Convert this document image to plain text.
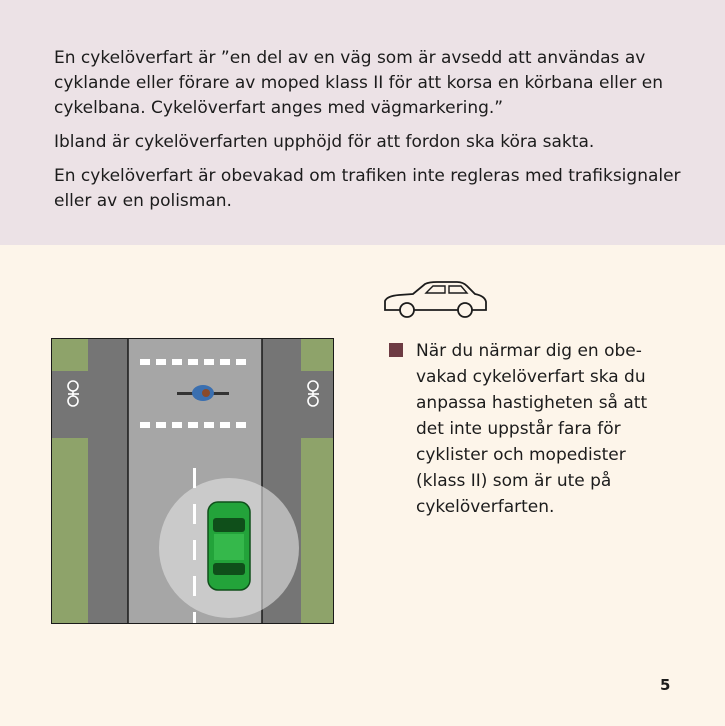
En cykelöverfart är ”en del av en väg som är avsedd att användas av cyklande eller förare av moped klass II för att korsa en körbana eller en cykelbana. Cykelöverfart anges med vägmarkering.”

Ibland är cykelöverfarten upphöjd för att fordon ska köra sakta.

En cykelöverfart är obevakad om trafiken inte regleras med trafiksignaler eller av en polisman.

När du närmar dig en obe-vakad cykelöverfart ska du anpassa hastigheten så att det inte uppstår fara för cyklister och mopedister (klass II) som är ute på cykelöverfarten.

5
